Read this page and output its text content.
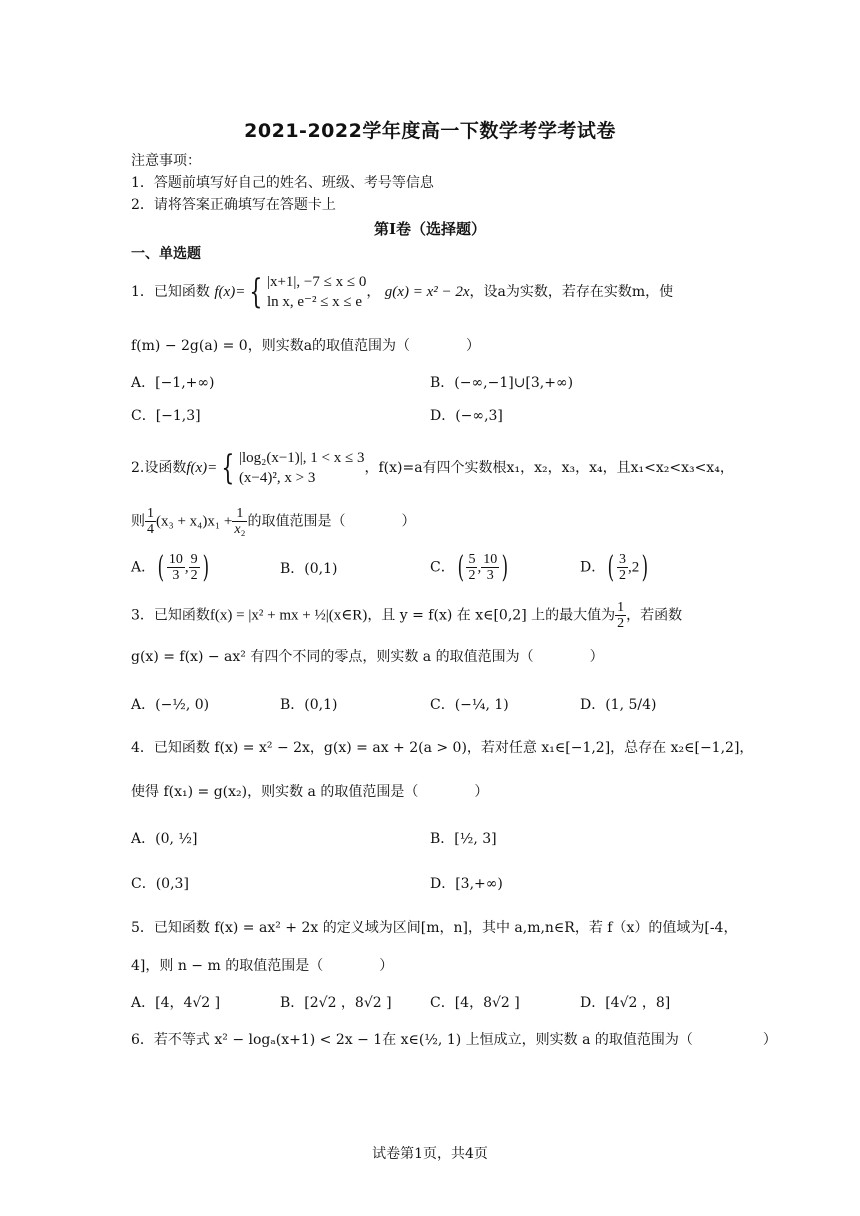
2021-2022学年度高一下数学考学考试卷
注意事项：
1．答题前填写好自己的姓名、班级、考号等信息
2．请将答案正确填写在答题卡上
第I卷（选择题）
一、单选题
1．已知函数 f(x)= { |x+1|, −7 ≤ x ≤ 0
ln x, e⁻² ≤ x ≤ e
， g(x) = x² − 2x，设a为实数，若存在实数m，使
f(m) − 2g(a) = 0，则实数a的取值范围为（　　　　）
A．[−1,+∞)	B．(−∞,−1]∪[3,+∞)
C．[−1,3]	D．(−∞,3]
2.设函数f(x)= { |log₂(x−1)|, 1 < x ≤ 3
(x−4)², x > 3
，f(x)=a有四个实数根x₁，x₂，x₃，x₄，且x₁<x₂<x₃<x₄，
则 $\frac{1}{4} (x_3 + x_4)x_1 + \frac{1}{\text{x₂}}$ 的取值范围是（　　　　）
A．( $\frac{10}{3}$ , $\frac{9}{2}$ )	B．(0,1)	C．( $\frac{5}{2}$ , $\frac{10}{3}$ )	D．( $\frac{3}{2} ,2$)
3．已知函数f(x) = |x² + mx + ½|(x∈R)，且 y = f(x) 在 x∈[0,2] 上的最大值为 $\frac{1}{2}$ ，若函数
g(x) = f(x) − ax² 有四个不同的零点，则实数 a 的取值范围为（　　　　）
A．(−½, 0)	B．(0,1)	C．(−¼, 1)	D．(1, 5/4)
4．已知函数 f(x) = x² − 2x，g(x) = ax + 2(a > 0)，若对任意 x₁∈[−1,2]，总存在 x₂∈[−1,2]，
使得 f(x₁) = g(x₂)，则实数 a 的取值范围是（　　　　）
A．(0, ½]	B．[½, 3]
C．(0,3]	D．[3,+∞)
5．已知函数 f(x) = ax² + 2x 的定义域为区间[m，n]，其中 a,m,n∈R，若 f（x）的值域为[-4，
4]，则 n − m 的取值范围是（　　　　）
A．[4，4√2 ]	B．[2√2 ，8√2 ]	C．[4，8√2 ]	D．[4√2 ，8]
6．若不等式 x² − logₐ(x+1) < 2x − 1在 x∈(½, 1) 上恒成立，则实数 a 的取值范围为（　　　　　）
试卷第1页，共4页
